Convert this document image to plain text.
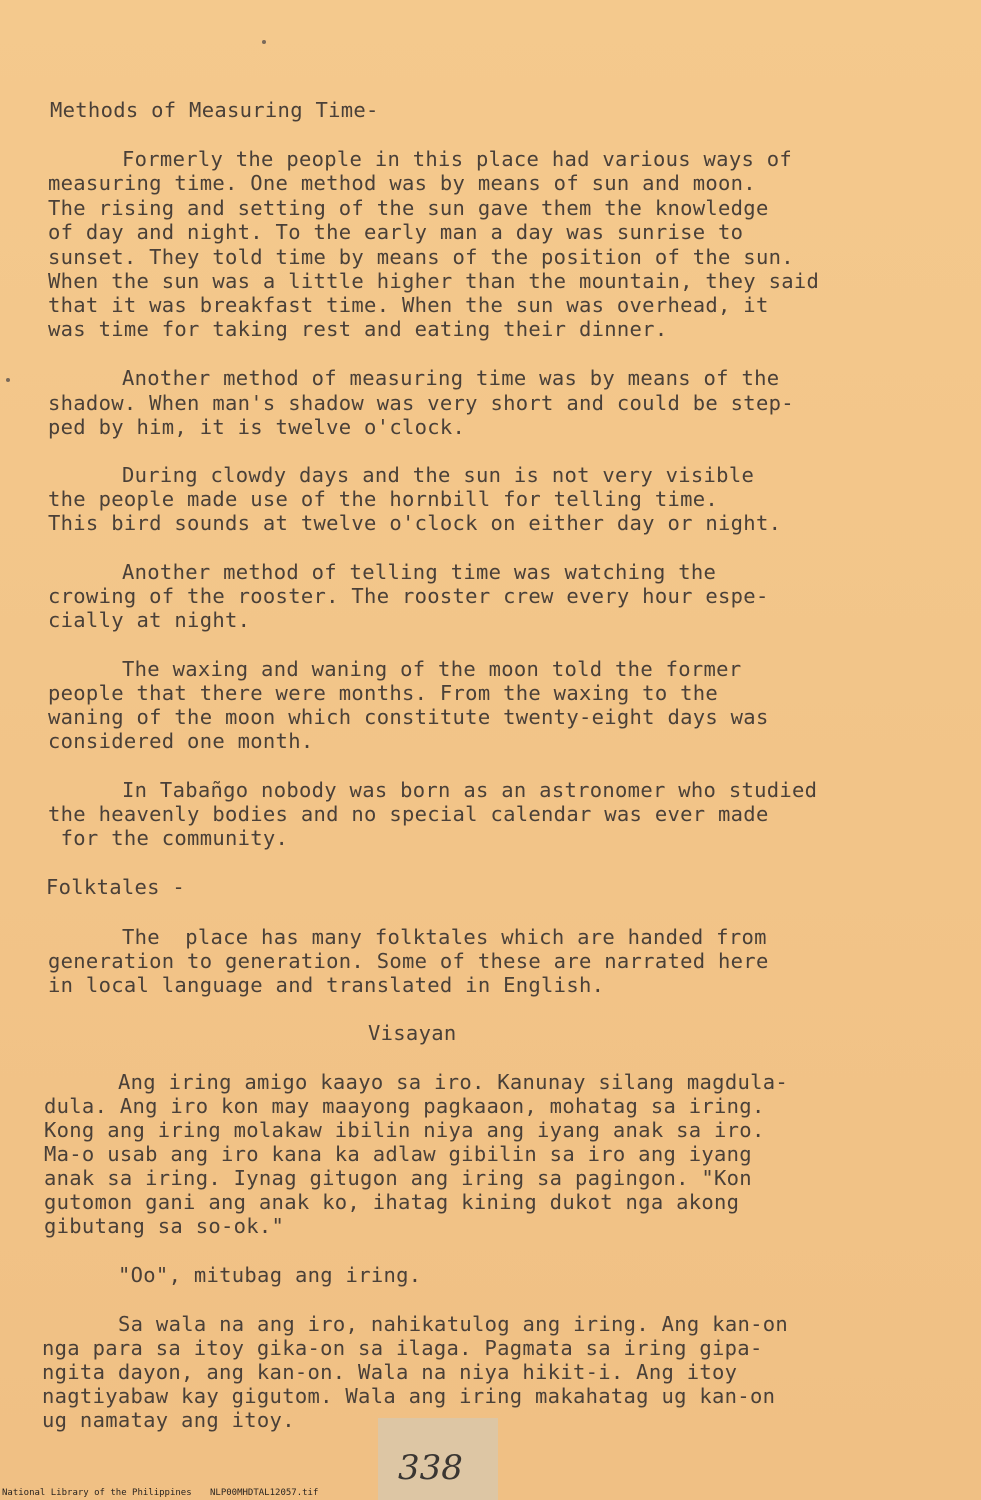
Methods of Measuring Time-
Formerly the people in this place had various ways of
measuring time. One method was by means of sun and moon.
The rising and setting of the sun gave them the knowledge
of day and night. To the early man a day was sunrise to
sunset. They told time by means of the position of the sun.
When the sun was a little higher than the mountain, they said
that it was breakfast time. When the sun was overhead, it
was time for taking rest and eating their dinner.
Another method of measuring time was by means of the
shadow. When man's shadow was very short and could be step-
ped by him, it is twelve o'clock.
During clowdy days and the sun is not very visible
the people made use of the hornbill for telling time.
This bird sounds at twelve o'clock on either day or night.
Another method of telling time was watching the
crowing of the rooster. The rooster crew every hour espe-
cially at night.
The waxing and waning of the moon told the former
people that there were months. From the waxing to the
waning of the moon which constitute twenty-eight days was
considered one month.
In Tabañgo nobody was born as an astronomer who studied
the heavenly bodies and no special calendar was ever made
for the community.
Folktales -
The  place has many folktales which are handed from
generation to generation. Some of these are narrated here
in local language and translated in English.
Visayan
Ang iring amigo kaayo sa iro. Kanunay silang magdula-
dula. Ang iro kon may maayong pagkaaon, mohatag sa iring.
Kong ang iring molakaw ibilin niya ang iyang anak sa iro.
Ma-o usab ang iro kana ka adlaw gibilin sa iro ang iyang
anak sa iring. Iynag gitugon ang iring sa pagingon. "Kon
gutomon gani ang anak ko, ihatag kining dukot nga akong
gibutang sa so-ok."
"Oo", mitubag ang iring.
Sa wala na ang iro, nahikatulog ang iring. Ang kan-on
nga para sa itoy gika-on sa ilaga. Pagmata sa iring gipa-
ngita dayon, ang kan-on. Wala na niya hikit-i. Ang itoy
nagtiyabaw kay gigutom. Wala ang iring makahatag ug kan-on
ug namatay ang itoy.
338
National Library of the Philippines NLP00MHDTAL12057.tif
